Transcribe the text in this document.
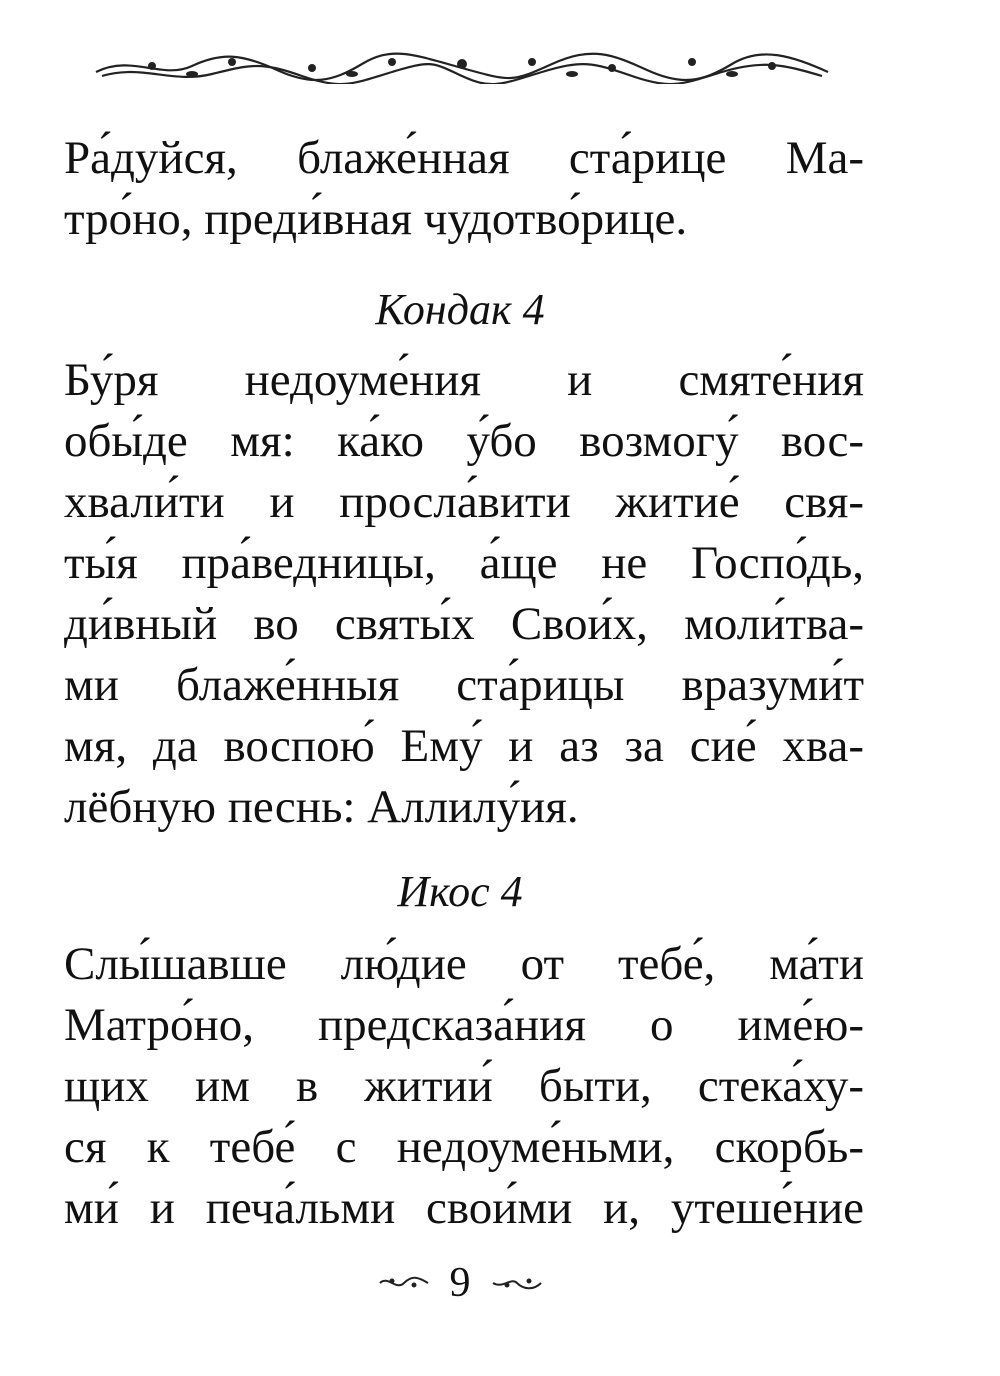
Ра́дуйся, блаже́нная ста́рице Ма-
тро́но, преди́вная чудотво́рице.
Кондак 4
Бу́ря недоуме́ния и смяте́ния
обы́де мя: ка́ко у́бо возмогу́ вос-
хвали́ти и просла́вити житие́ свя-
ты́я пра́ведницы, а́ще не Госпо́дь,
ди́вный во святы́х Свои́х, моли́тва-
ми блаже́нныя ста́рицы вразуми́т
мя, да воспою́ Ему́ и аз за сие́ хва-
лёбную песнь: Аллилу́ия.
Икос 4
Слы́шавше лю́дие от тебе́, ма́ти
Матро́но, предсказа́ния о име́ю-
щих им в житии́ быти, стека́ху-
ся к тебе́ с недоуме́ньми, скорбь-
ми́ и печа́льми свои́ми и, утеше́ние
9
